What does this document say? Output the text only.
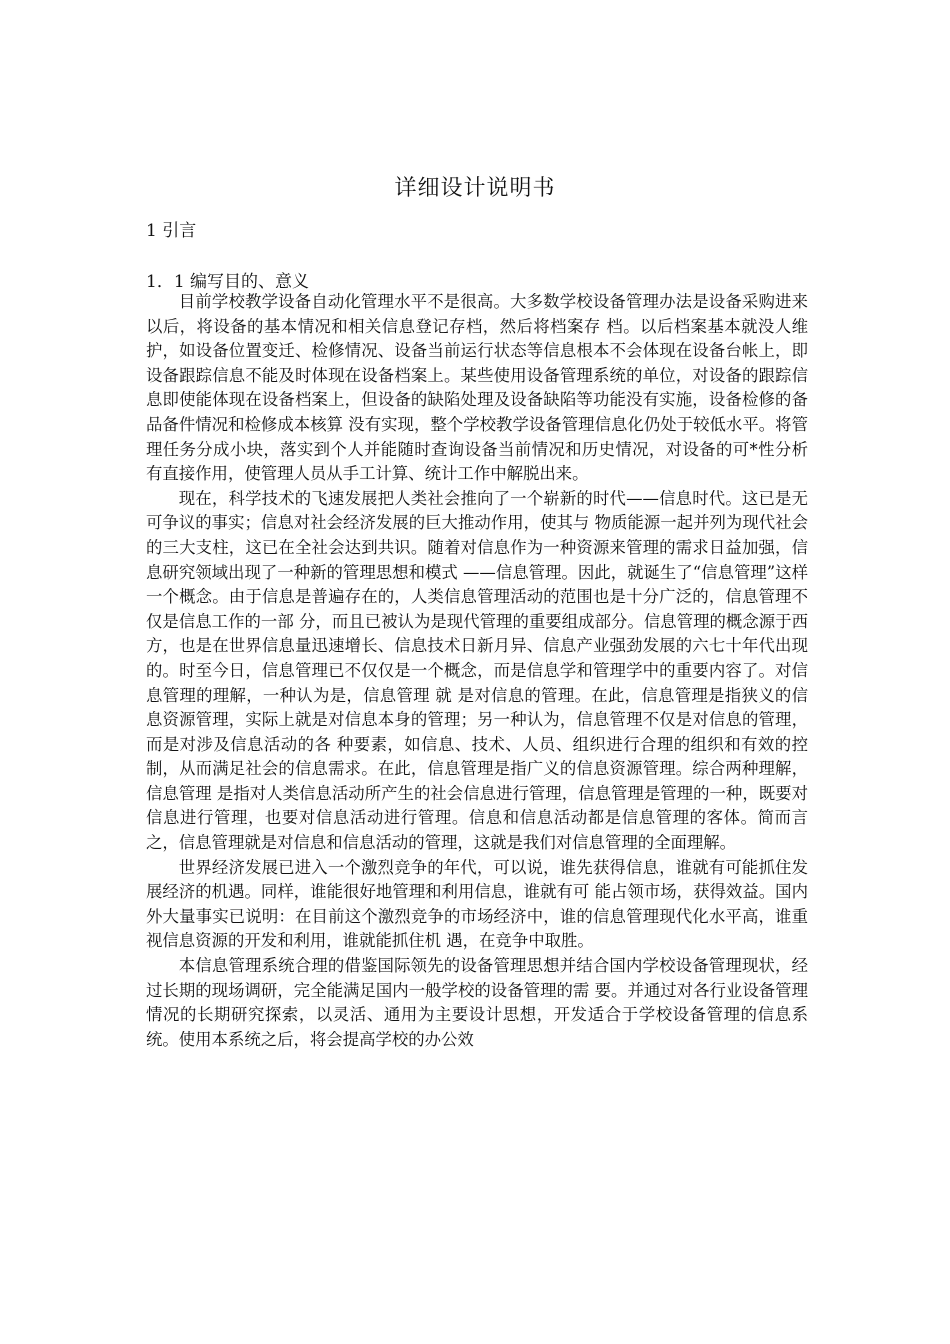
详细设计说明书
1 引言
1．1 编写目的、意义

目前学校教学设备自动化管理水平不是很高。大多数学校设备管理办法是设备采购进来以后，将设备的基本情况和相关信息登记存档，然后将档案存 档。以后档案基本就没人维护，如设备位置变迁、检修情况、设备当前运行状态等信息根本不会体现在设备台帐上，即设备跟踪信息不能及时体现在设备档案上。某些使用设备管理系统的单位，对设备的跟踪信息即使能体现在设备档案上，但设备的缺陷处理及设备缺陷等功能没有实施，设备检修的备品备件情况和检修成本核算 没有实现，整个学校教学设备管理信息化仍处于较低水平。将管理任务分成小块，落实到个人并能随时查询设备当前情况和历史情况，对设备的可*性分析有直接作用，使管理人员从手工计算、统计工作中解脱出来。

现在，科学技术的飞速发展把人类社会推向了一个崭新的时代——信息时代。这已是无可争议的事实；信息对社会经济发展的巨大推动作用，使其与 物质能源一起并列为现代社会的三大支柱，这已在全社会达到共识。随着对信息作为一种资源来管理的需求日益加强，信息研究领域出现了一种新的管理思想和模式 ——信息管理。因此，就诞生了“信息管理”这样一个概念。由于信息是普遍存在的，人类信息管理活动的范围也是十分广泛的，信息管理不仅是信息工作的一部 分，而且已被认为是现代管理的重要组成部分。信息管理的概念源于西方，也是在世界信息量迅速增长、信息技术日新月异、信息产业强劲发展的六七十年代出现 的。时至今日，信息管理已不仅仅是一个概念，而是信息学和管理学中的重要内容了。对信息管理的理解，一种认为是，信息管理 就 是对信息的管理。在此，信息管理是指狭义的信息资源管理，实际上就是对信息本身的管理；另一种认为，信息管理不仅是对信息的管理，而是对涉及信息活动的各 种要素，如信息、技术、人员、组织进行合理的组织和有效的控制，从而满足社会的信息需求。在此，信息管理是指广义的信息资源管理。综合两种理解，信息管理 是指对人类信息活动所产生的社会信息进行管理，信息管理是管理的一种，既要对信息进行管理，也要对信息活动进行管理。信息和信息活动都是信息管理的客体。简而言之，信息管理就是对信息和信息活动的管理，这就是我们对信息管理的全面理解。

世界经济发展已进入一个激烈竞争的年代，可以说，谁先获得信息，谁就有可能抓住发展经济的机遇。同样，谁能很好地管理和利用信息，谁就有可 能占领市场，获得效益。国内外大量事实已说明：在目前这个激烈竞争的市场经济中，谁的信息管理现代化水平高，谁重视信息资源的开发和利用，谁就能抓住机 遇，在竞争中取胜。

本信息管理系统合理的借鉴国际领先的设备管理思想并结合国内学校设备管理现状，经过长期的现场调研，完全能满足国内一般学校的设备管理的需 要。并通过对各行业设备管理情况的长期研究探索，以灵活、通用为主要设计思想，开发适合于学校设备管理的信息系统。使用本系统之后，将会提高学校的办公效
